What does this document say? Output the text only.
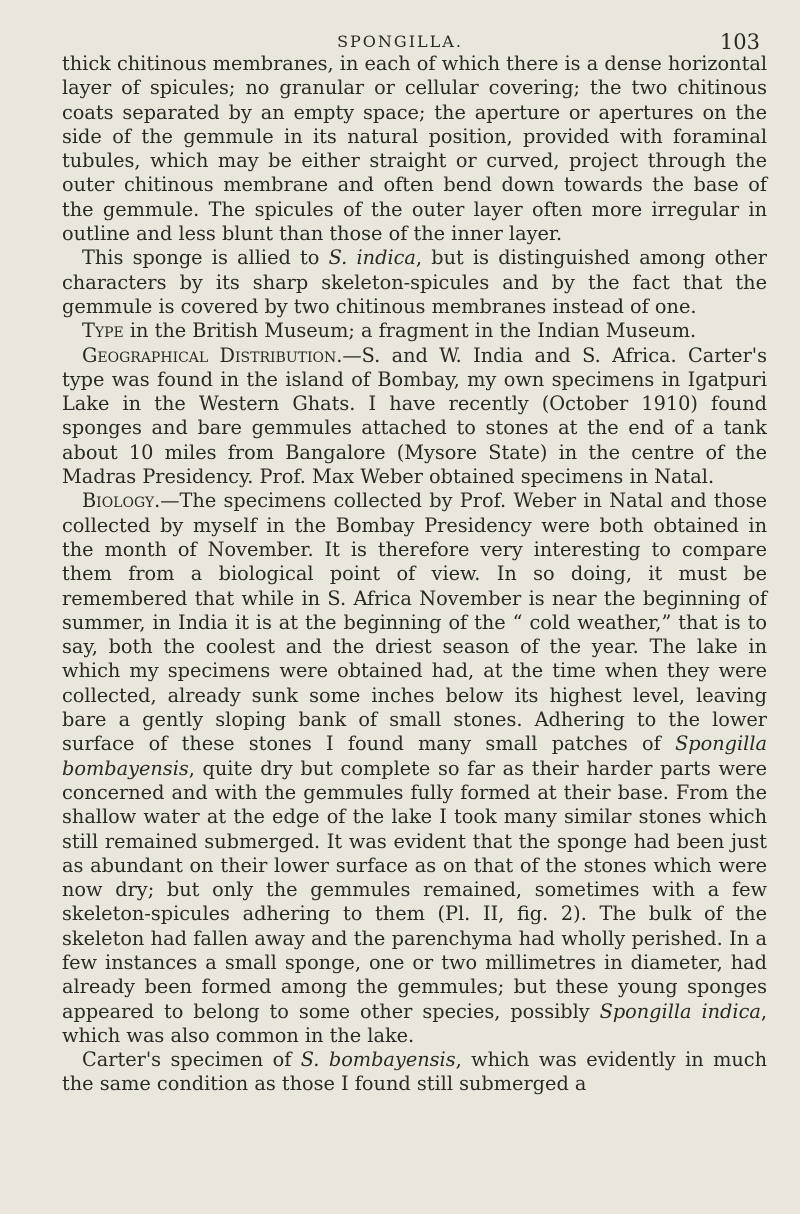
SPONGILLA.	103

thick chitinous membranes, in each of which there is a dense horizontal layer of spicules; no granular or cellular covering; the two chitinous coats separated by an empty space; the aperture or apertures on the side of the gemmule in its natural position, provided with foraminal tubules, which may be either straight or curved, project through the outer chitinous membrane and often bend down towards the base of the gemmule. The spicules of the outer layer often more irregular in outline and less blunt than those of the inner layer.

This sponge is allied to S. indica, but is distinguished among other characters by its sharp skeleton-spicules and by the fact that the gemmule is covered by two chitinous membranes instead of one.

Type in the British Museum; a fragment in the Indian Museum.

Geographical Distribution.—S. and W. India and S. Africa. Carter's type was found in the island of Bombay, my own specimens in Igatpuri Lake in the Western Ghats. I have recently (October 1910) found sponges and bare gemmules attached to stones at the end of a tank about 10 miles from Bangalore (Mysore State) in the centre of the Madras Presidency. Prof. Max Weber obtained specimens in Natal.

Biology.—The specimens collected by Prof. Weber in Natal and those collected by myself in the Bombay Presidency were both obtained in the month of November. It is therefore very interesting to compare them from a biological point of view. In so doing, it must be remembered that while in S. Africa November is near the beginning of summer, in India it is at the beginning of the “ cold weather,” that is to say, both the coolest and the driest season of the year. The lake in which my specimens were obtained had, at the time when they were collected, already sunk some inches below its highest level, leaving bare a gently sloping bank of small stones. Adhering to the lower surface of these stones I found many small patches of Spongilla bombayensis, quite dry but complete so far as their harder parts were concerned and with the gemmules fully formed at their base. From the shallow water at the edge of the lake I took many similar stones which still remained submerged. It was evident that the sponge had been just as abundant on their lower surface as on that of the stones which were now dry; but only the gemmules remained, sometimes with a few skeleton-spicules adhering to them (Pl. II, fig. 2). The bulk of the skeleton had fallen away and the parenchyma had wholly perished. In a few instances a small sponge, one or two millimetres in diameter, had already been formed among the gemmules; but these young sponges appeared to belong to some other species, possibly Spongilla indica, which was also common in the lake.

Carter's specimen of S. bombayensis, which was evidently in much the same condition as those I found still submerged a
